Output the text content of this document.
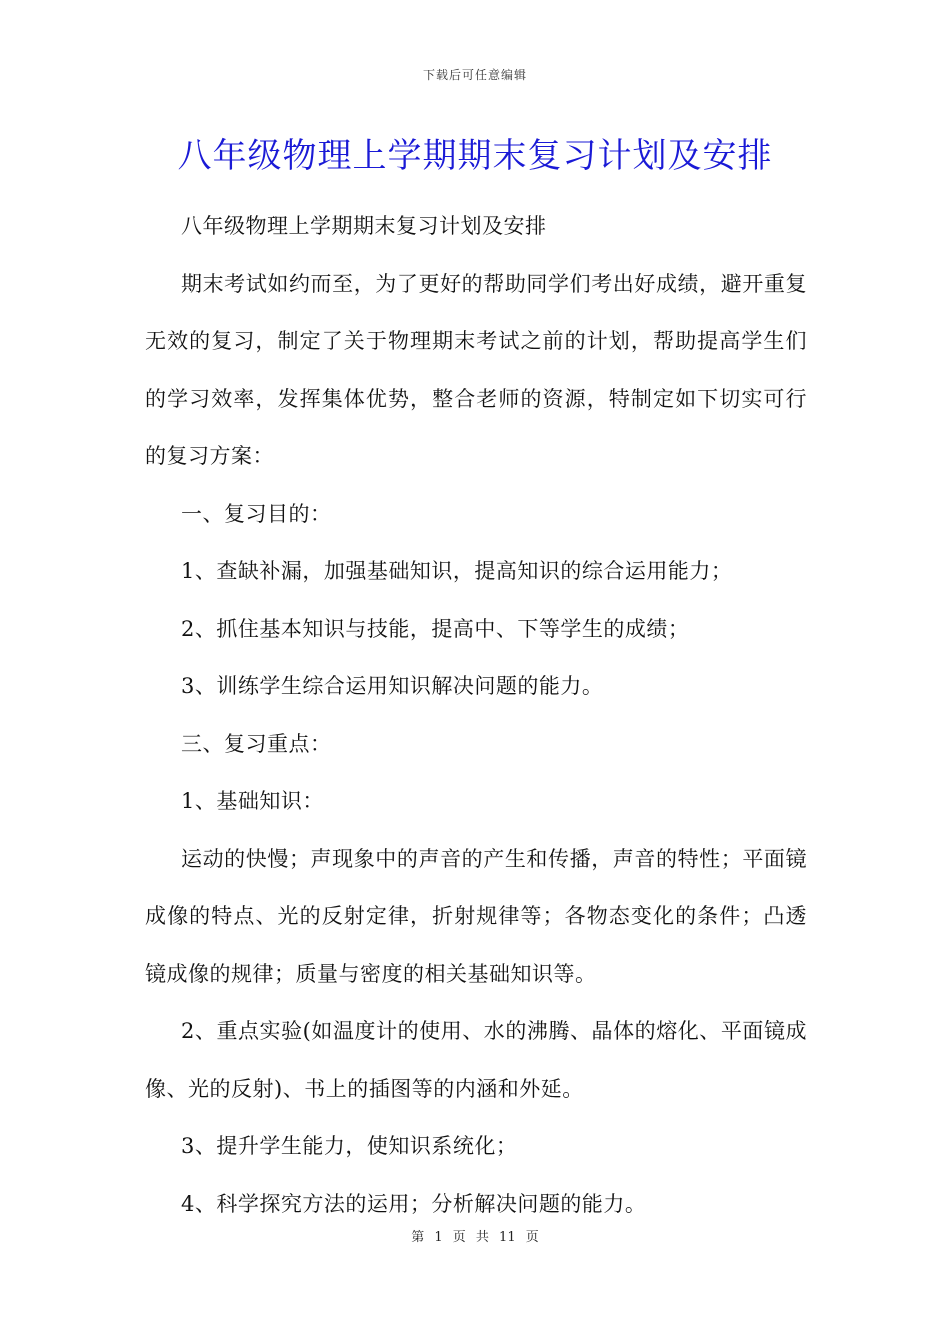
下载后可任意编辑
八年级物理上学期期末复习计划及安排

八年级物理上学期期末复习计划及安排

期末考试如约而至，为了更好的帮助同学们考出好成绩，避开重复无效的复习，制定了关于物理期末考试之前的计划，帮助提高学生们的学习效率，发挥集体优势，整合老师的资源，特制定如下切实可行的复习方案：

一、复习目的：

1、查缺补漏，加强基础知识，提高知识的综合运用能力；

2、抓住基本知识与技能，提高中、下等学生的成绩；

3、训练学生综合运用知识解决问题的能力。

三、复习重点：

1、基础知识：

运动的快慢；声现象中的声音的产生和传播，声音的特性；平面镜成像的特点、光的反射定律，折射规律等；各物态变化的条件；凸透镜成像的规律；质量与密度的相关基础知识等。

2、重点实验(如温度计的使用、水的沸腾、晶体的熔化、平面镜成像、光的反射)、书上的插图等的内涵和外延。

3、提升学生能力，使知识系统化；

4、科学探究方法的运用；分析解决问题的能力。

第 1 页 共 11 页
